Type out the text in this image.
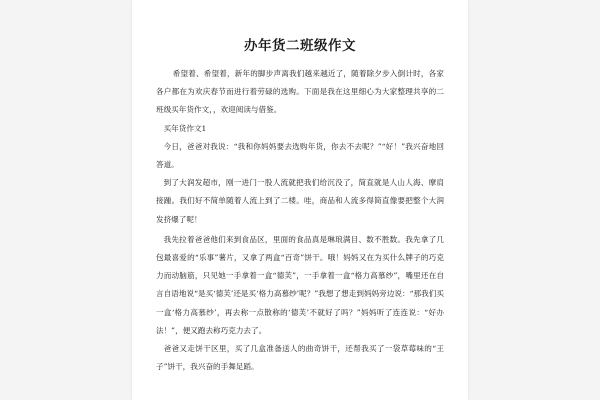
办年货二班级作文

希望着、希望着，新年的脚步声离我们越来越近了，随着除夕步入倒计时，各家各户都在为欢庆春节而进行着劳碌的选购。下面是我在这里细心为大家整理共享的二班级买年货作文，，欢迎阅读与借鉴。

买年货作文1

今日，爸爸对我说：“我和你妈妈要去选购年货，你去不去呢？”“好！”我兴奋地回答道。

到了大润发超市，刚一进门一股人流就把我们给沉没了，简直就是人山人海、摩肩接踵。我们好不简单随着人流上到了二楼。哇，商品和人流多得简直像要把整个大润发挤爆了呢！

我先拉着爸爸他们来到食品区，里面的食品真是琳琅满目、数不胜数。我先拿了几包最喜爱的“乐事”薯片，又拿了两盒“百奇”饼干。哦！妈妈又在为买什么牌子的巧克力而动脑筋，只见她一手拿着一盒“德芙”，一手拿着一盒“格力高慕纱”，嘴里还在自言自语地说“是买‘德芙’还是买‘格力高慕纱’呢？”我想了想走到妈妈旁边说：“那我们买一盒‘格力高慕纱’，再去称一点散称的‘德芙’不就好了吗？”妈妈听了连连说：“好办法！”，便又跑去称巧克力去了。

爸爸又走饼干区里，买了几盒准备送人的曲奇饼干，还帮我买了一袋草莓味的“王子”饼干，我兴奋的手舞足蹈。
